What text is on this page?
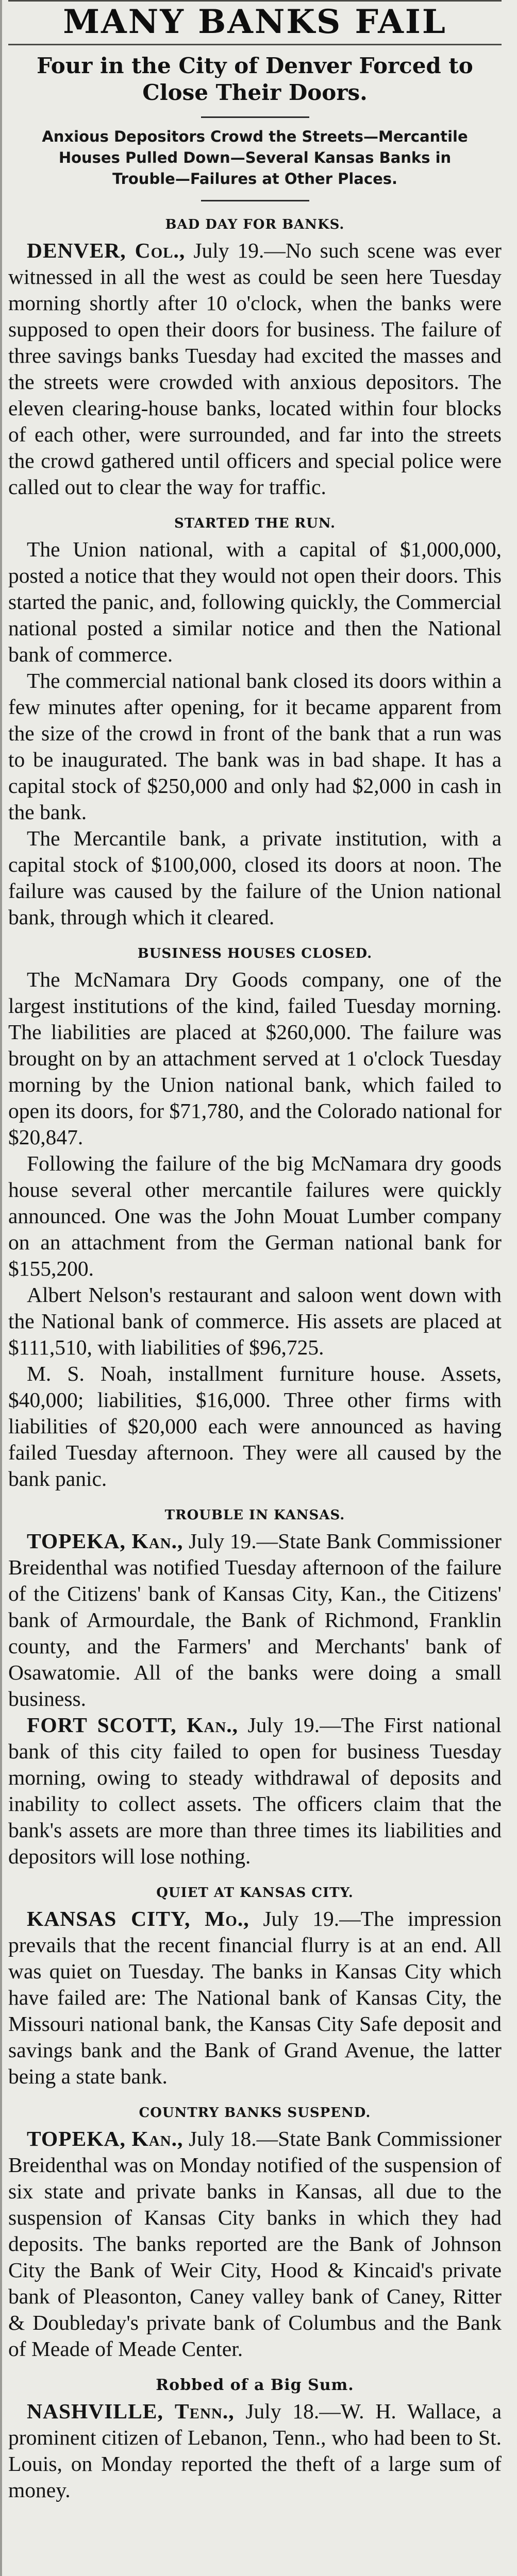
MANY BANKS FAIL
Four in the City of Denver Forced to Close Their Doors.
Anxious Depositors Crowd the Streets—Mercantile Houses Pulled Down—Several Kansas Banks in Trouble—Failures at Other Places.
BAD DAY FOR BANKS.

DENVER, Col., July 19.—No such scene was ever witnessed in all the west as could be seen here Tuesday morning shortly after 10 o'clock, when the banks were supposed to open their doors for business. The failure of three savings banks Tuesday had excited the masses and the streets were crowded with anxious depositors. The eleven clearing-house banks, located within four blocks of each other, were surrounded, and far into the streets the crowd gathered until officers and special police were called out to clear the way for traffic.

STARTED THE RUN.

The Union national, with a capital of $1,000,000, posted a notice that they would not open their doors. This started the panic, and, following quickly, the Commercial national posted a similar notice and then the National bank of commerce.

The commercial national bank closed its doors within a few minutes after opening, for it became apparent from the size of the crowd in front of the bank that a run was to be inaugurated. The bank was in bad shape. It has a capital stock of $250,000 and only had $2,000 in cash in the bank.

The Mercantile bank, a private institution, with a capital stock of $100,000, closed its doors at noon. The failure was caused by the failure of the Union national bank, through which it cleared.

BUSINESS HOUSES CLOSED.

The McNamara Dry Goods company, one of the largest institutions of the kind, failed Tuesday morning. The liabilities are placed at $260,000. The failure was brought on by an attachment served at 1 o'clock Tuesday morning by the Union national bank, which failed to open its doors, for $71,780, and the Colorado national for $20,847.

Following the failure of the big McNamara dry goods house several other mercantile failures were quickly announced. One was the John Mouat Lumber company on an attachment from the German national bank for $155,200.

Albert Nelson's restaurant and saloon went down with the National bank of commerce. His assets are placed at $111,510, with liabilities of $96,725.

M. S. Noah, installment furniture house. Assets, $40,000; liabilities, $16,000. Three other firms with liabilities of $20,000 each were announced as having failed Tuesday afternoon. They were all caused by the bank panic.

TROUBLE IN KANSAS.

TOPEKA, Kan., July 19.—State Bank Commissioner Breidenthal was notified Tuesday afternoon of the failure of the Citizens' bank of Kansas City, Kan., the Citizens' bank of Armourdale, the Bank of Richmond, Franklin county, and the Farmers' and Merchants' bank of Osawatomie. All of the banks were doing a small business.

FORT SCOTT, Kan., July 19.—The First national bank of this city failed to open for business Tuesday morning, owing to steady withdrawal of deposits and inability to collect assets. The officers claim that the bank's assets are more than three times its liabilities and depositors will lose nothing.

QUIET AT KANSAS CITY.

KANSAS CITY, Mo., July 19.—The impression prevails that the recent financial flurry is at an end. All was quiet on Tuesday. The banks in Kansas City which have failed are: The National bank of Kansas City, the Missouri national bank, the Kansas City Safe deposit and savings bank and the Bank of Grand Avenue, the latter being a state bank.

COUNTRY BANKS SUSPEND.

TOPEKA, Kan., July 18.—State Bank Commissioner Breidenthal was on Monday notified of the suspension of six state and private banks in Kansas, all due to the suspension of Kansas City banks in which they had deposits. The banks reported are the Bank of Johnson City the Bank of Weir City, Hood & Kincaid's private bank of Pleasonton, Caney valley bank of Caney, Ritter & Doubleday's private bank of Columbus and the Bank of Meade of Meade Center.

Robbed of a Big Sum.

NASHVILLE, Tenn., July 18.—W. H. Wallace, a prominent citizen of Lebanon, Tenn., who had been to St. Louis, on Monday reported the theft of a large sum of money.
